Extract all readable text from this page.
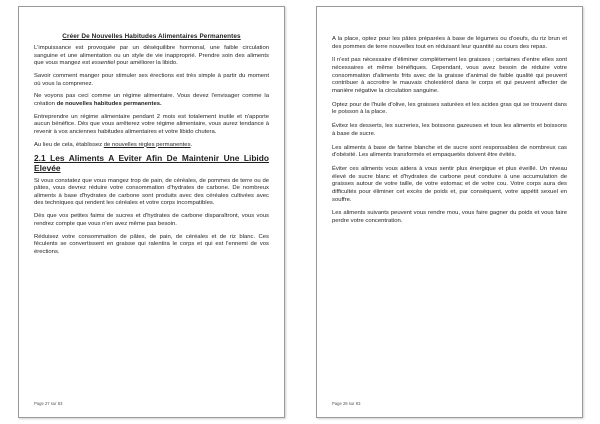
Créer De Nouvelles Habitudes Alimentaires Permanentes

L'impuissance est provoquée par un déséquilibre hormonal, une faible circulation sanguine et une alimentation ou un style de vie inapproprié. Prendre soin des aliments que vous mangez est essentiel pour améliorer la libido.

Savoir comment manger pour stimuler ses érections est très simple à partir du moment où vous la comprenez.

Ne voyons pas ceci comme un régime alimentaire. Vous devez l'envisager comme la création de nouvelles habitudes permanentes.

Entreprendre un régime alimentaire pendant 2 mois est totalement inutile et n'apporte aucun bénéfice. Dès que vous arrêterez votre régime alimentaire, vous aurez tendance à revenir à vos anciennes habitudes alimentaires et votre libido chutera.

Au lieu de cela, établissez de nouvelles règles permanentes.

2.1 Les Aliments A Eviter Afin De Maintenir Une Libido Elevée

Si vous constatez que vous mangez trop de pain, de céréales, de pommes de terre ou de pâtes, vous devrez réduire votre consommation d'hydrates de carbone. De nombreux aliments à base d'hydrates de carbone sont produits avec des céréales cultivées avec des techniques qui rendent les céréales et votre corps incompatibles.

Dès que vos petites faims de sucres et d'hydrates de carbone disparaîtront, vous vous rendrez compte que vous n'en avez même pas besoin.

Réduisez votre consommation de pâtes, de pain, de céréales et de riz blanc. Ces féculents se convertissent en graisse qui ralentira le corps et qui est l'ennemi de vos érections.

Page 27 sur 83

A la place, optez pour les pâtes préparées à base de légumes ou d'oeufs, du riz brun et des pommes de terre nouvelles tout en réduisant leur quantité au cours des repas.

Il n'est pas nécessaire d'éliminer complètement les graisses ; certaines d'entre elles sont nécessaires et même bénéfiques. Cependant, vous avez besoin de réduire votre consommation d'aliments frits avec de la graisse d'animal de faible qualité qui peuvent contribuer à accroitre le mauvais cholestérol dans le corps et qui peuvent affecter de manière négative la circulation sanguine.

Optez pour de l'huile d'olive, les graisses saturées et les acides gras qui se trouvent dans le poisson à la place.

Évitez les desserts, les sucreries, les boissons gazeuses et tous les aliments et boissons à base de sucre.

Les aliments à base de farine blanche et de sucre sont responsables de nombreux cas d'obésité. Les aliments transformés et empaquetés doivent être évités.

Éviter ces aliments vous aidera à vous sentir plus énergique et plus éveillé. Un niveau élevé de sucre blanc et d'hydrates de carbone peut conduire à une accumulation de graisses autour de votre taille, de votre estomac et de votre cou. Votre corps aura des difficultés pour éliminer cet excès de poids et, par conséquent, votre appétit sexuel en souffre.

Les aliments suivants peuvent vous rendre mou, vous faire gagner du poids et vous faire perdre votre concentration.

Page 28 sur 83
